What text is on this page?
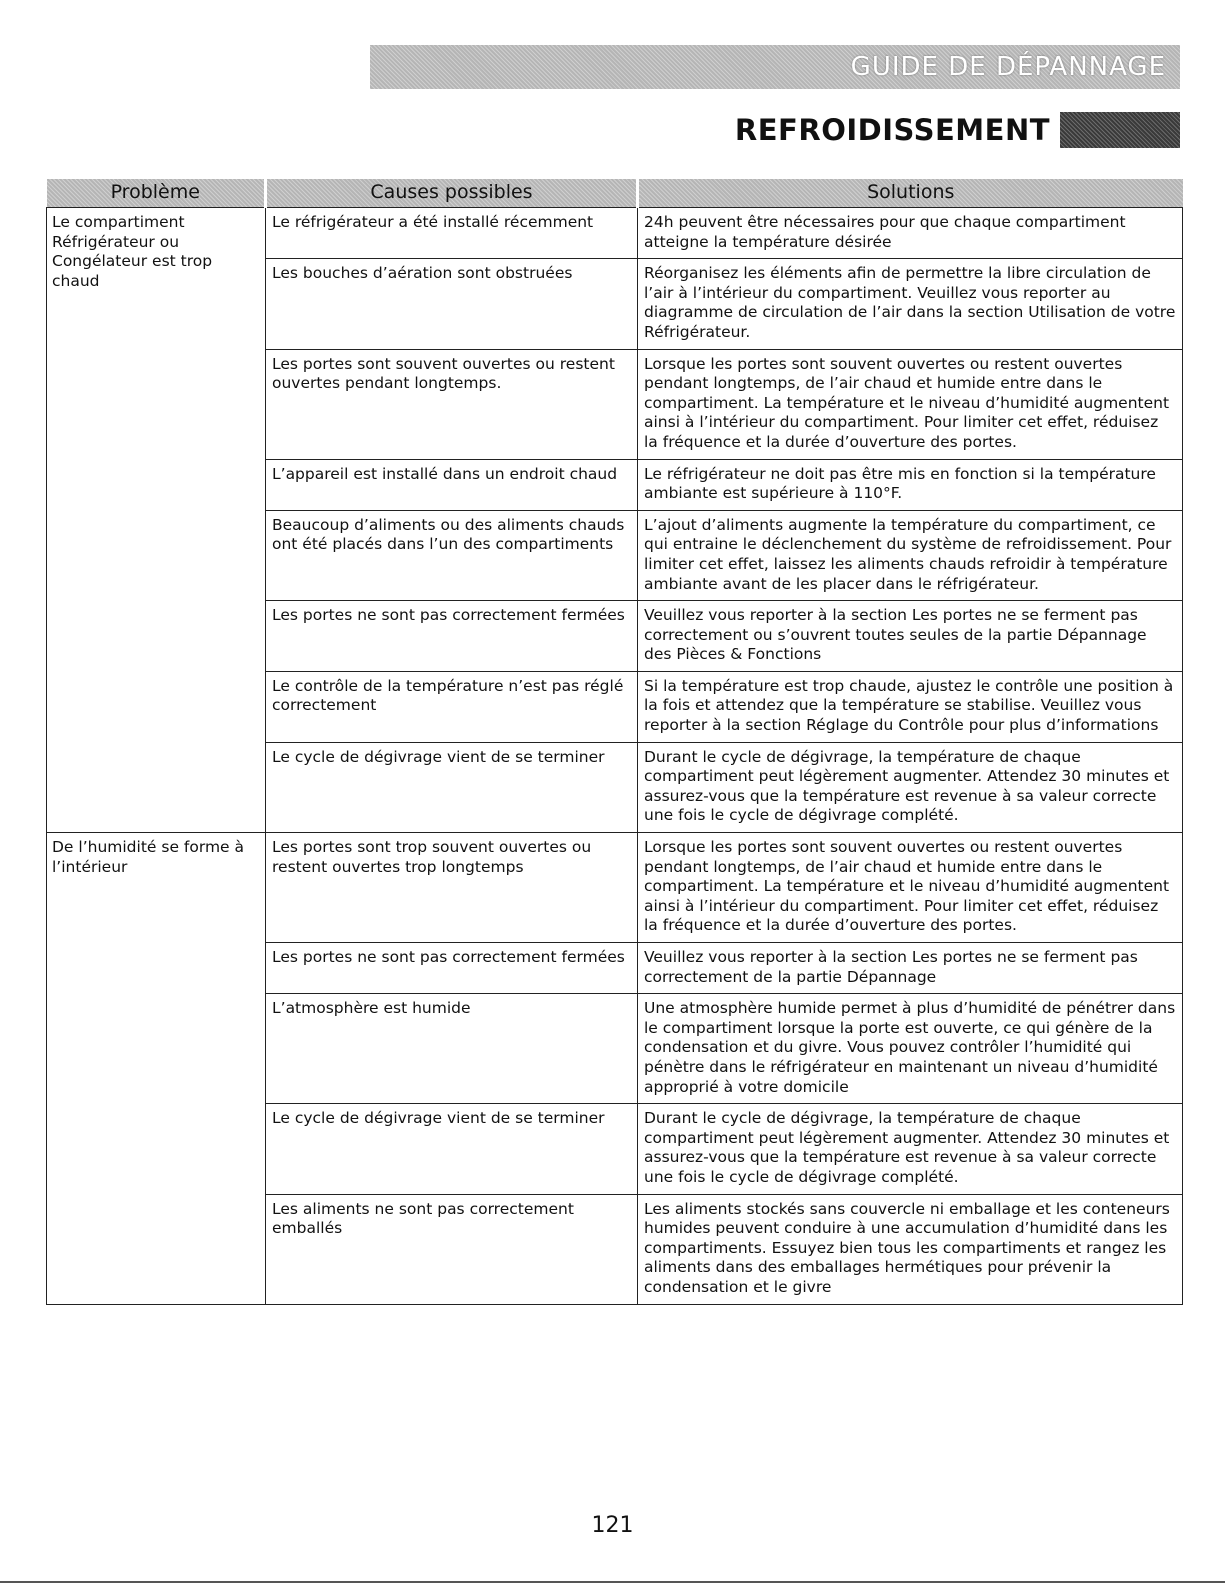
GUIDE DE DÉPANNAGE
REFROIDISSEMENT
Problème	Causes possibles	Solutions
Le compartiment Réfrigérateur ou Congélateur est trop chaud	Le réfrigérateur a été installé récemment	24h peuvent être nécessaires pour que chaque compartiment atteigne la température désirée
	Les bouches d’aération sont obstruées	Réorganisez les éléments afin de permettre la libre circulation de l’air à l’intérieur du compartiment. Veuillez vous reporter au diagramme de circulation de l’air dans la section Utilisation de votre Réfrigérateur.
	Les portes sont souvent ouvertes ou restent ouvertes pendant longtemps.	Lorsque les portes sont souvent ouvertes ou restent ouvertes pendant longtemps, de l’air chaud et humide entre dans le compartiment. La température et le niveau d’humidité augmentent ainsi à l’intérieur du compartiment. Pour limiter cet effet, réduisez la fréquence et la durée d’ouverture des portes.
	L’appareil est installé dans un endroit chaud	Le réfrigérateur ne doit pas être mis en fonction si la température ambiante est supérieure à 110°F.
	Beaucoup d’aliments ou des aliments chauds ont été placés dans l’un des compartiments	L’ajout d’aliments augmente la température du compartiment, ce qui entraine le déclenchement du système de refroidissement. Pour limiter cet effet, laissez les aliments chauds refroidir à température ambiante avant de les placer dans le réfrigérateur.
	Les portes ne sont pas correctement fermées	Veuillez vous reporter à la section Les portes ne se ferment pas correctement ou s’ouvrent toutes seules de la partie Dépannage des Pièces & Fonctions
	Le contrôle de la température n’est pas réglé correctement	Si la température est trop chaude, ajustez le contrôle une position à la fois et attendez que la température se stabilise. Veuillez vous reporter à la section Réglage du Contrôle pour plus d’informations
	Le cycle de dégivrage vient de se terminer	Durant le cycle de dégivrage, la température de chaque compartiment peut légèrement augmenter. Attendez 30 minutes et assurez-vous que la température est revenue à sa valeur correcte une fois le cycle de dégivrage complété.
De l’humidité se forme à l’intérieur	Les portes sont trop souvent ouvertes ou restent ouvertes trop longtemps	Lorsque les portes sont souvent ouvertes ou restent ouvertes pendant longtemps, de l’air chaud et humide entre dans le compartiment. La température et le niveau d’humidité augmentent ainsi à l’intérieur du compartiment. Pour limiter cet effet, réduisez la fréquence et la durée d’ouverture des portes.
	Les portes ne sont pas correctement fermées	Veuillez vous reporter à la section Les portes ne se ferment pas correctement de la partie Dépannage
	L’atmosphère est humide	Une atmosphère humide permet à plus d’humidité de pénétrer dans le compartiment lorsque la porte est ouverte, ce qui génère de la condensation et du givre. Vous pouvez contrôler l’humidité qui pénètre dans le réfrigérateur en maintenant un niveau d’humidité approprié à votre domicile
	Le cycle de dégivrage vient de se terminer	Durant le cycle de dégivrage, la température de chaque compartiment peut légèrement augmenter. Attendez 30 minutes et assurez-vous que la température est revenue à sa valeur correcte une fois le cycle de dégivrage complété.
	Les aliments ne sont pas correctement emballés	Les aliments stockés sans couvercle ni emballage et les conteneurs humides peuvent conduire à une accumulation d’humidité dans les compartiments. Essuyez bien tous les compartiments et rangez les aliments dans des emballages hermétiques pour prévenir la condensation et le givre
121
